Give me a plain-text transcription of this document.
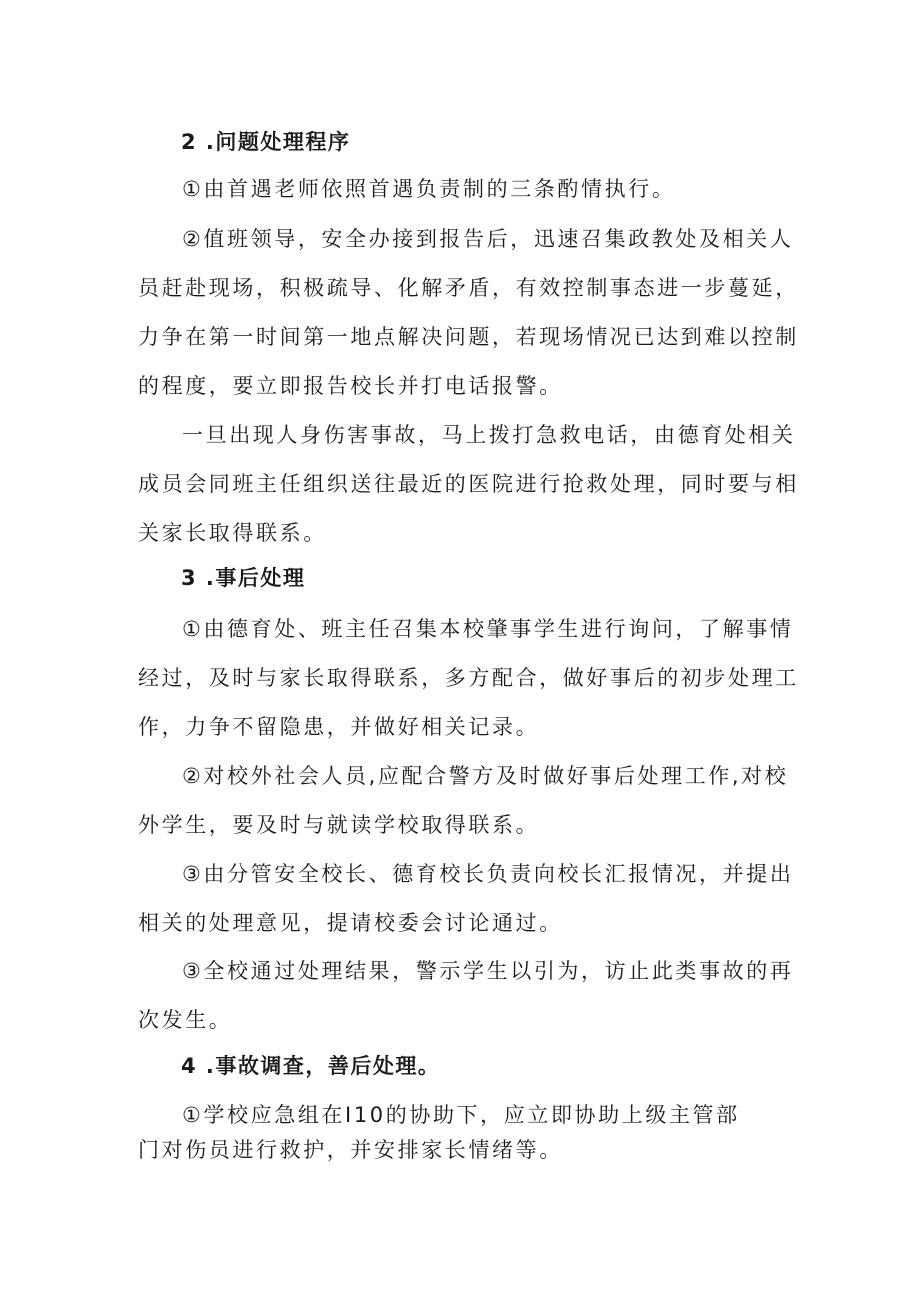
2 .问题处理程序
①由首遇老师依照首遇负责制的三条酌情执行。
②值班领导，安全办接到报告后，迅速召集政教处及相关人
员赶赴现场，积极疏导、化解矛盾，有效控制事态进一步蔓延，
力争在第一时间第一地点解决问题，若现场情况已达到难以控制
的程度，要立即报告校长并打电话报警。
一旦出现人身伤害事故，马上拨打急救电话，由德育处相关
成员会同班主任组织送往最近的医院进行抢救处理，同时要与相
关家长取得联系。
3 .事后处理
①由德育处、班主任召集本校肇事学生进行询问，了解事情
经过，及时与家长取得联系，多方配合，做好事后的初步处理工
作，力争不留隐患，并做好相关记录。
②对校外社会人员,应配合警方及时做好事后处理工作,对校
外学生，要及时与就读学校取得联系。
③由分管安全校长、德育校长负责向校长汇报情况，并提出
相关的处理意见，提请校委会讨论通过。
③全校通过处理结果，警示学生以引为，访止此类事故的再
次发生。
4 .事故调查，善后处理。
①学校应急组在I10的协助下，应立即协助上级主管部
门对伤员进行救护，并安排家长情绪等。
